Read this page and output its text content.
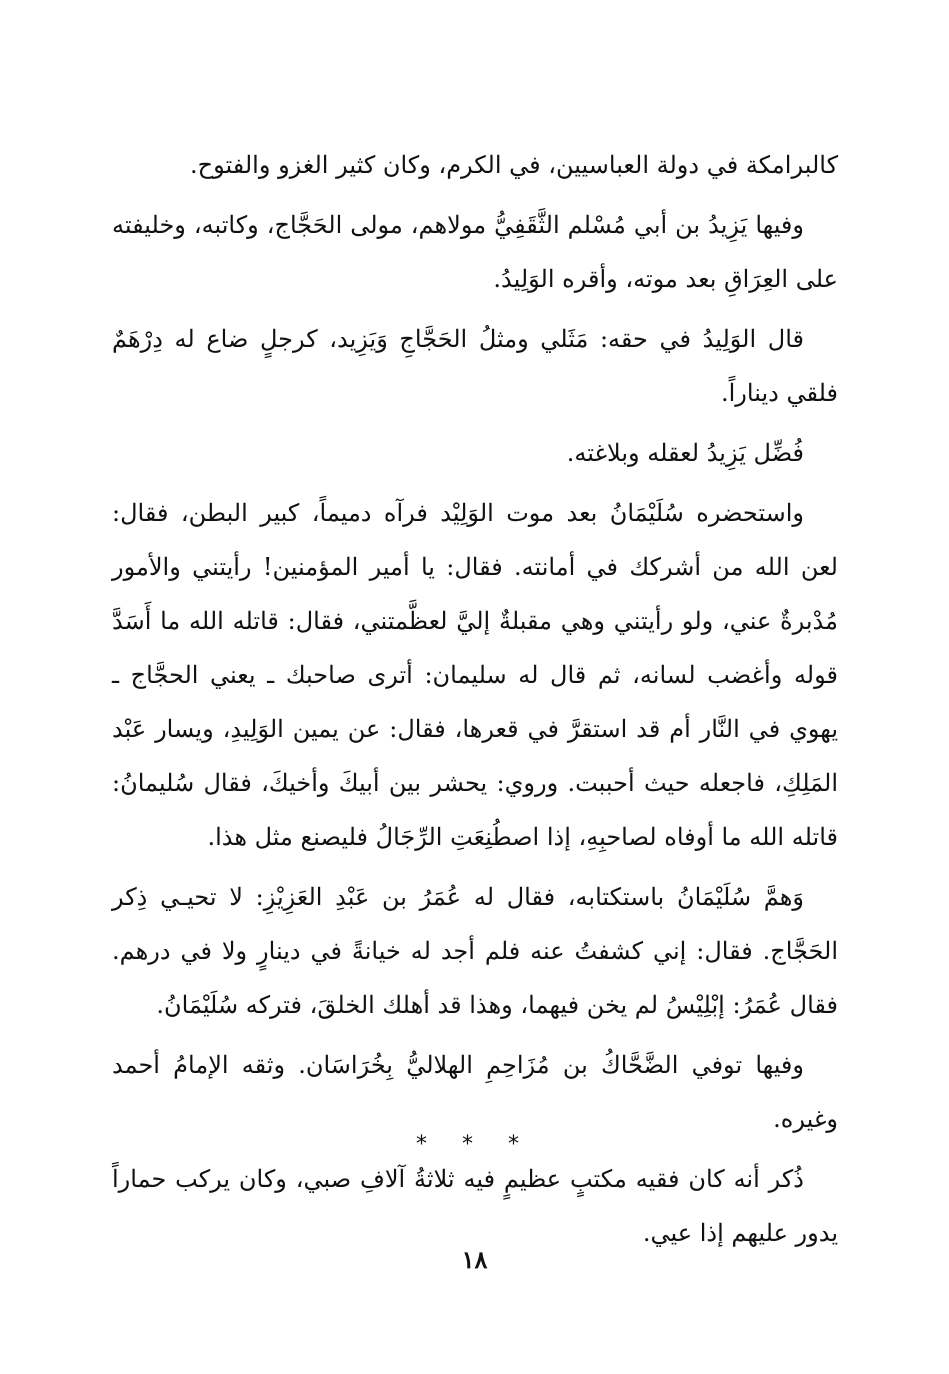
كالبرامكة في دولة العباسيين، في الكرم، وكان كثير الغزو والفتوح.

وفيها يَزِيدُ بن أبي مُسْلم الثَّقَفِيُّ مولاهم، مولى الحَجَّاج، وكاتبه، وخليفته على العِرَاقِ بعد موته، وأقره الوَلِيدُ.

قال الوَلِيدُ في حقه: مَثَلي ومثلُ الحَجَّاجِ وَيَزِيد، كرجلٍ ضاع له دِرْهَمٌ فلقي ديناراً.

فُضِّل يَزِيدُ لعقله وبلاغته.

واستحضره سُلَيْمَانُ بعد موت الوَلِيْد فرآه دميماً، كبير البطن، فقال: لعن الله من أشركك في أمانته. فقال: يا أمير المؤمنين! رأيتني والأمور مُدْبرةٌ عني، ولو رأيتني وهي مقبلةٌ إليَّ لعظَّمتني، فقال: قاتله الله ما أَسَدَّ قوله وأغضب لسانه، ثم قال له سليمان: أترى صاحبك ـ يعني الحجَّاج ـ يهوي في النَّار أم قد استقرَّ في قعرها، فقال: عن يمين الوَلِيدِ، ويسار عَبْد المَلِكِ، فاجعله حيث أحببت. وروي: يحشر بين أبيكَ وأخيكَ، فقال سُليمانُ: قاتله الله ما أوفاه لصاحبِهِ، إذا اصطُنِعَتِ الرِّجَالُ فليصنع مثل هذا.

وَهمَّ سُلَيْمَانُ باستكتابه، فقال له عُمَرُ بن عَبْدِ العَزِيْزِ: لا تحيـي ذِكر الحَجَّاج. فقال: إني كشفتُ عنه فلم أجد له خيانةً في دينارٍ ولا في درهم. فقال عُمَرُ: إبْلِيْسُ لم يخن فيهما، وهذا قد أهلك الخلقَ، فتركه سُلَيْمَانُ.

وفيها توفي الضَّحَّاكُ بن مُزَاحِمِ الهلاليُّ بِخُرَاسَان. وثقه الإمامُ أحمد وغيره.

ذُكر أنه كان فقيه مكتبٍ عظيمٍ فيه ثلاثةُ آلافِ صبي، وكان يركب حماراً يدور عليهم إذا عيي.

* * *
١٨
